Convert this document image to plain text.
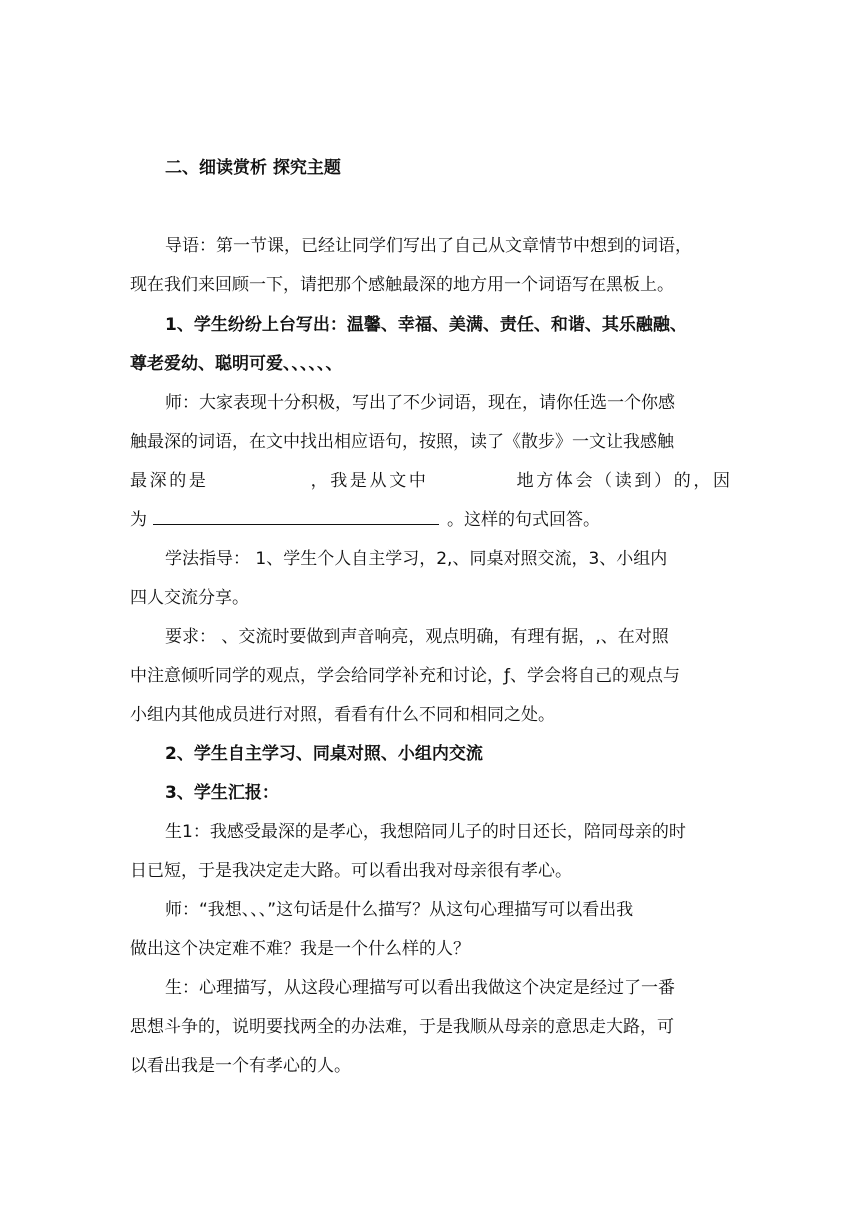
二、细读赏析 探究主题
导语：第一节课，已经让同学们写出了自己从文章情节中想到的词语，
现在我们来回顾一下，请把那个感触最深的地方用一个词语写在黑板上。
1、学生纷纷上台写出：温馨、幸福、美满、责任、和谐、其乐融融、
尊老爱幼、聪明可爱、、、、、、
师：大家表现十分积极，写出了不少词语，现在，请你任选一个你感
触最深的词语，在文中找出相应语句，按照，读了《散步》一文让我感触
最深的是	，我是从文中	地方体会（读到）的，因
为	。这样的句式回答。
学法指导： 1、学生个人自主学习，2,、同桌对照交流，3、小组内
四人交流分享。
要求： 、交流时要做到声音响亮，观点明确，有理有据，,、在对照
中注意倾听同学的观点，学会给同学补充和讨论，ƒ、学会将自己的观点与
小组内其他成员进行对照，看看有什么不同和相同之处。
2、学生自主学习、同桌对照、小组内交流
3、学生汇报：
生1：我感受最深的是孝心，我想陪同儿子的时日还长，陪同母亲的时
日已短，于是我决定走大路。可以看出我对母亲很有孝心。
师：“我想、、、”这句话是什么描写？从这句心理描写可以看出我
做出这个决定难不难？我是一个什么样的人？
生：心理描写，从这段心理描写可以看出我做这个决定是经过了一番
思想斗争的，说明要找两全的办法难，于是我顺从母亲的意思走大路，可
以看出我是一个有孝心的人。
